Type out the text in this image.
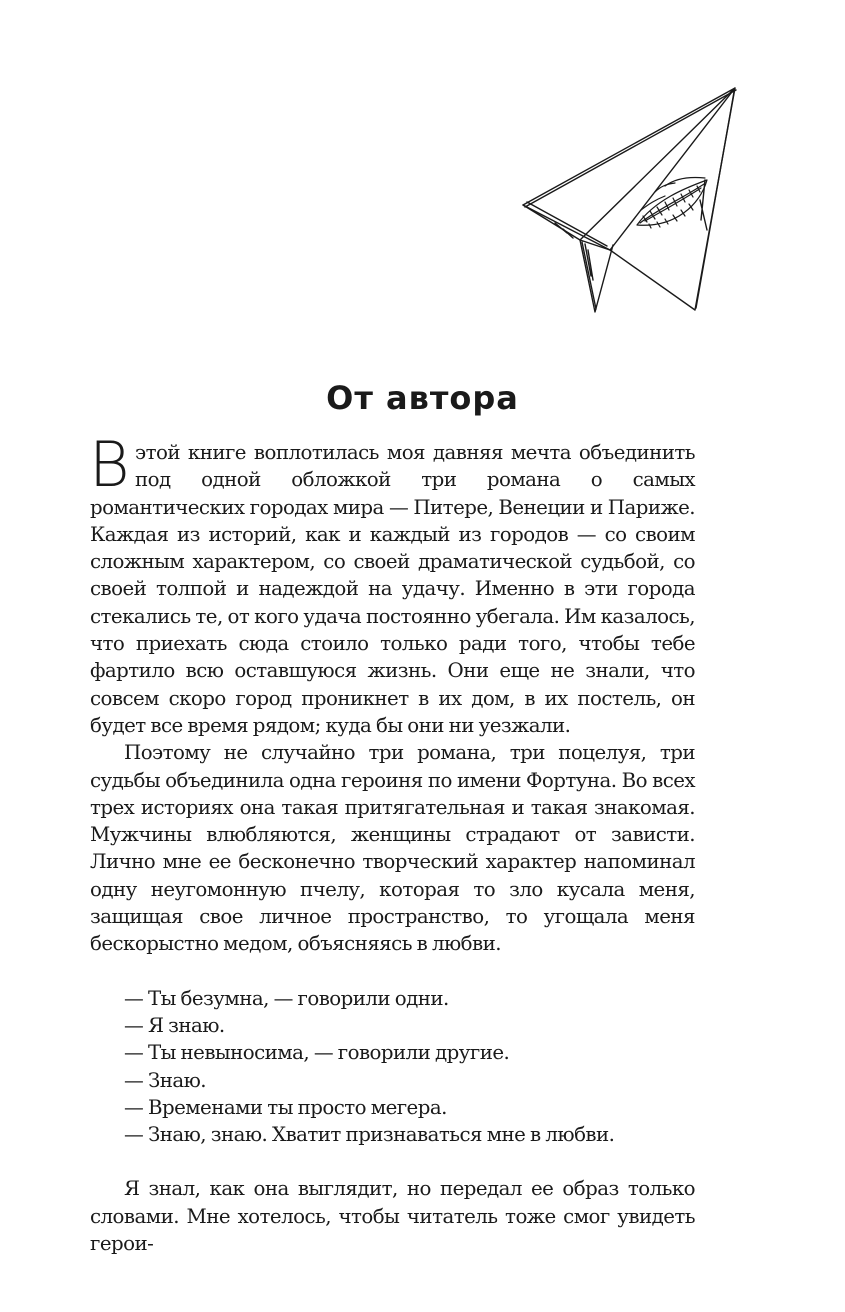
От автора

В этой книге воплотилась моя давняя мечта объединить под одной обложкой три романа о самых романтических городах мира — Питере, Венеции и Париже. Каждая из историй, как и каждый из городов — со своим сложным характером, со своей драматической судьбой, со своей толпой и надеждой на удачу. Именно в эти города стекались те, от кого удача постоянно убегала. Им казалось, что приехать сюда стоило только ради того, чтобы тебе фартило всю оставшуюся жизнь. Они еще не знали, что совсем скоро город проникнет в их дом, в их постель, он будет все время рядом; куда бы они ни уезжали.

Поэтому не случайно три романа, три поцелуя, три судьбы объединила одна героиня по имени Фортуна. Во всех трех историях она такая притягательная и такая знакомая. Мужчины влюбляются, женщины страдают от зависти. Лично мне ее бесконечно творческий характер напоминал одну неугомонную пчелу, которая то зло кусала меня, защищая свое личное пространство, то угощала меня бескорыстно медом, объясняясь в любви.

— Ты безумна, — говорили одни.
— Я знаю.
— Ты невыносима, — говорили другие.
— Знаю.
— Временами ты просто мегера.
— Знаю, знаю. Хватит признаваться мне в любви.

Я знал, как она выглядит, но передал ее образ только словами. Мне хотелось, чтобы читатель тоже смог увидеть герои-
